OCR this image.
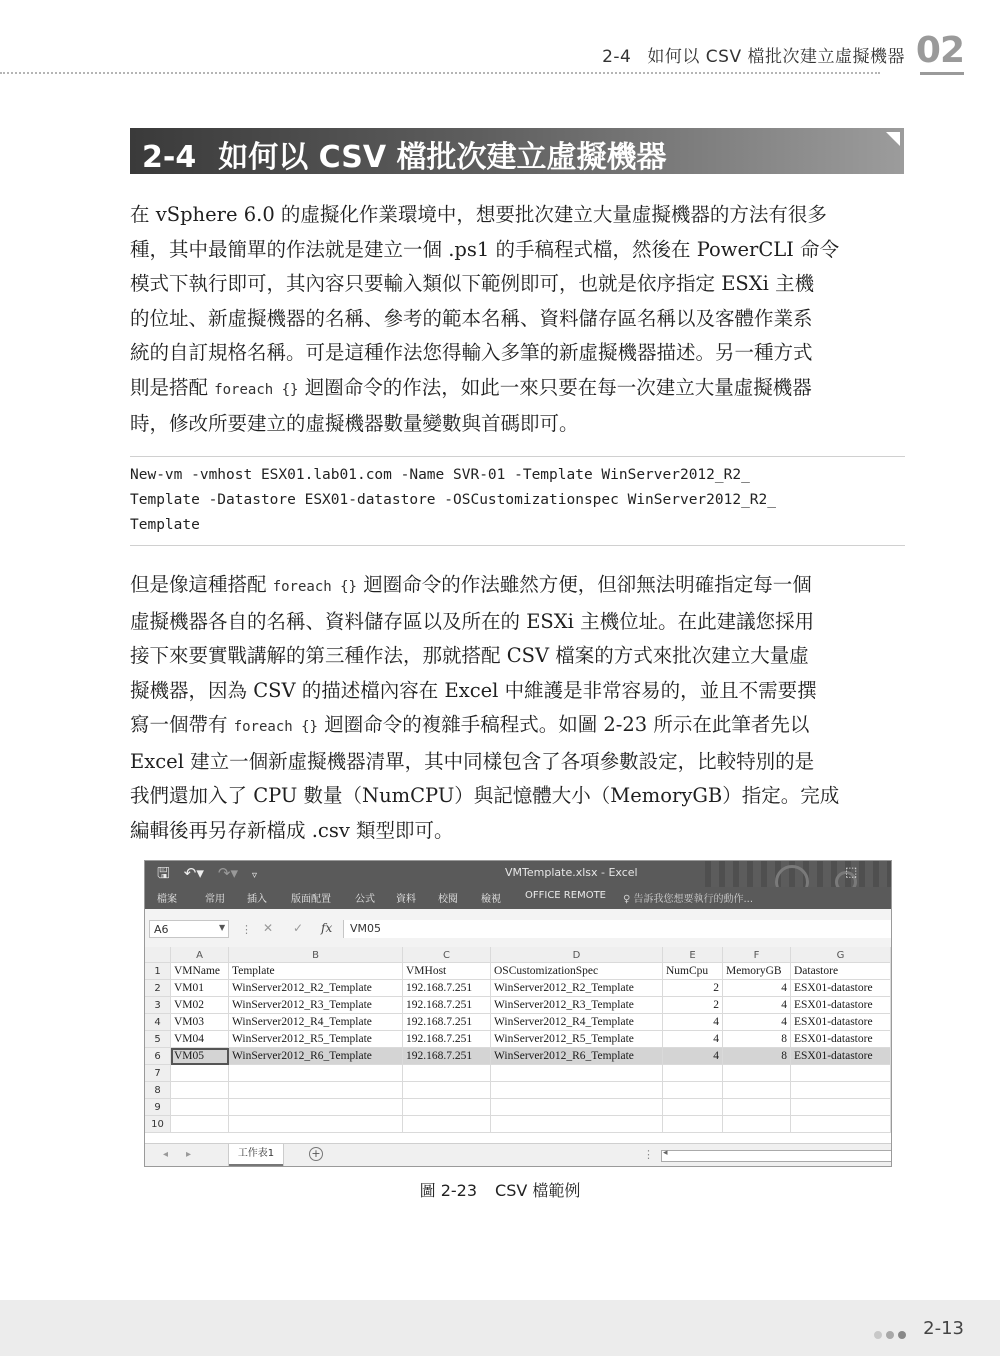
2-4 如何以 CSV 檔批次建立虛擬機器 02
2-4 如何以 CSV 檔批次建立虛擬機器
在 vSphere 6.0 的虛擬化作業環境中，想要批次建立大量虛擬機器的方法有很多
種，其中最簡單的作法就是建立一個 .ps1 的手稿程式檔，然後在 PowerCLI 命令
模式下執行即可，其內容只要輸入類似下範例即可，也就是依序指定 ESXi 主機
的位址、新虛擬機器的名稱、參考的範本名稱、資料儲存區名稱以及客體作業系
統的自訂規格名稱。可是這種作法您得輸入多筆的新虛擬機器描述。另一種方式
則是搭配 foreach {} 迴圈命令的作法，如此一來只要在每一次建立大量虛擬機器
時，修改所要建立的虛擬機器數量變數與首碼即可。
New-vm -vmhost ESX01.lab01.com -Name SVR-01 -Template WinServer2012_R2_
Template -Datastore ESX01-datastore -OSCustomizationspec WinServer2012_R2_
Template
但是像這種搭配 foreach {} 迴圈命令的作法雖然方便，但卻無法明確指定每一個
虛擬機器各自的名稱、資料儲存區以及所在的 ESXi 主機位址。在此建議您採用
接下來要實戰講解的第三種作法，那就搭配 CSV 檔案的方式來批次建立大量虛
擬機器，因為 CSV 的描述檔內容在 Excel 中維護是非常容易的，並且不需要撰
寫一個帶有 foreach {} 迴圈命令的複雜手稿程式。如圖 2-23 所示在此筆者先以
Excel 建立一個新虛擬機器清單，其中同樣包含了各項參數設定，比較特別的是
我們還加入了 CPU 數量（NumCPU）與記憶體大小（MemoryGB）指定。完成
編輯後再另存新檔成 .csv 類型即可。
🖫 ↶▾ ↷▾ ▿	VMTemplate.xlsx - Excel	⬚
檔案	常用 插入 版面配置 公式 資料 校閱 檢視 OFFICE REMOTE ♀ 告訴我您想要執行的動作...
A6	▼ ⋮ ✕ ✓ fx	VM05
A	B	C	D	E	F	G
1	VMName	Template	VMHost	OSCustomizationSpec	NumCpu	MemoryGB	Datastore
2	VM01	WinServer2012_R2_Template	192.168.7.251	WinServer2012_R2_Template	2	4 ESX01-datastore
3	VM02	WinServer2012_R3_Template	192.168.7.251	WinServer2012_R3_Template	2	4 ESX01-datastore
4	VM03	WinServer2012_R4_Template	192.168.7.251	WinServer2012_R4_Template	4	4 ESX01-datastore
5	VM04	WinServer2012_R5_Template	192.168.7.251	WinServer2012_R5_Template	4	8 ESX01-datastore
6	VM05	WinServer2012_R6_Template	192.168.7.251	WinServer2012_R6_Template	4	8 ESX01-datastore
7
8
9
10
◂▸	工作表1	+	⋮ ◂
圖 2-23 CSV 檔範例
2-13
